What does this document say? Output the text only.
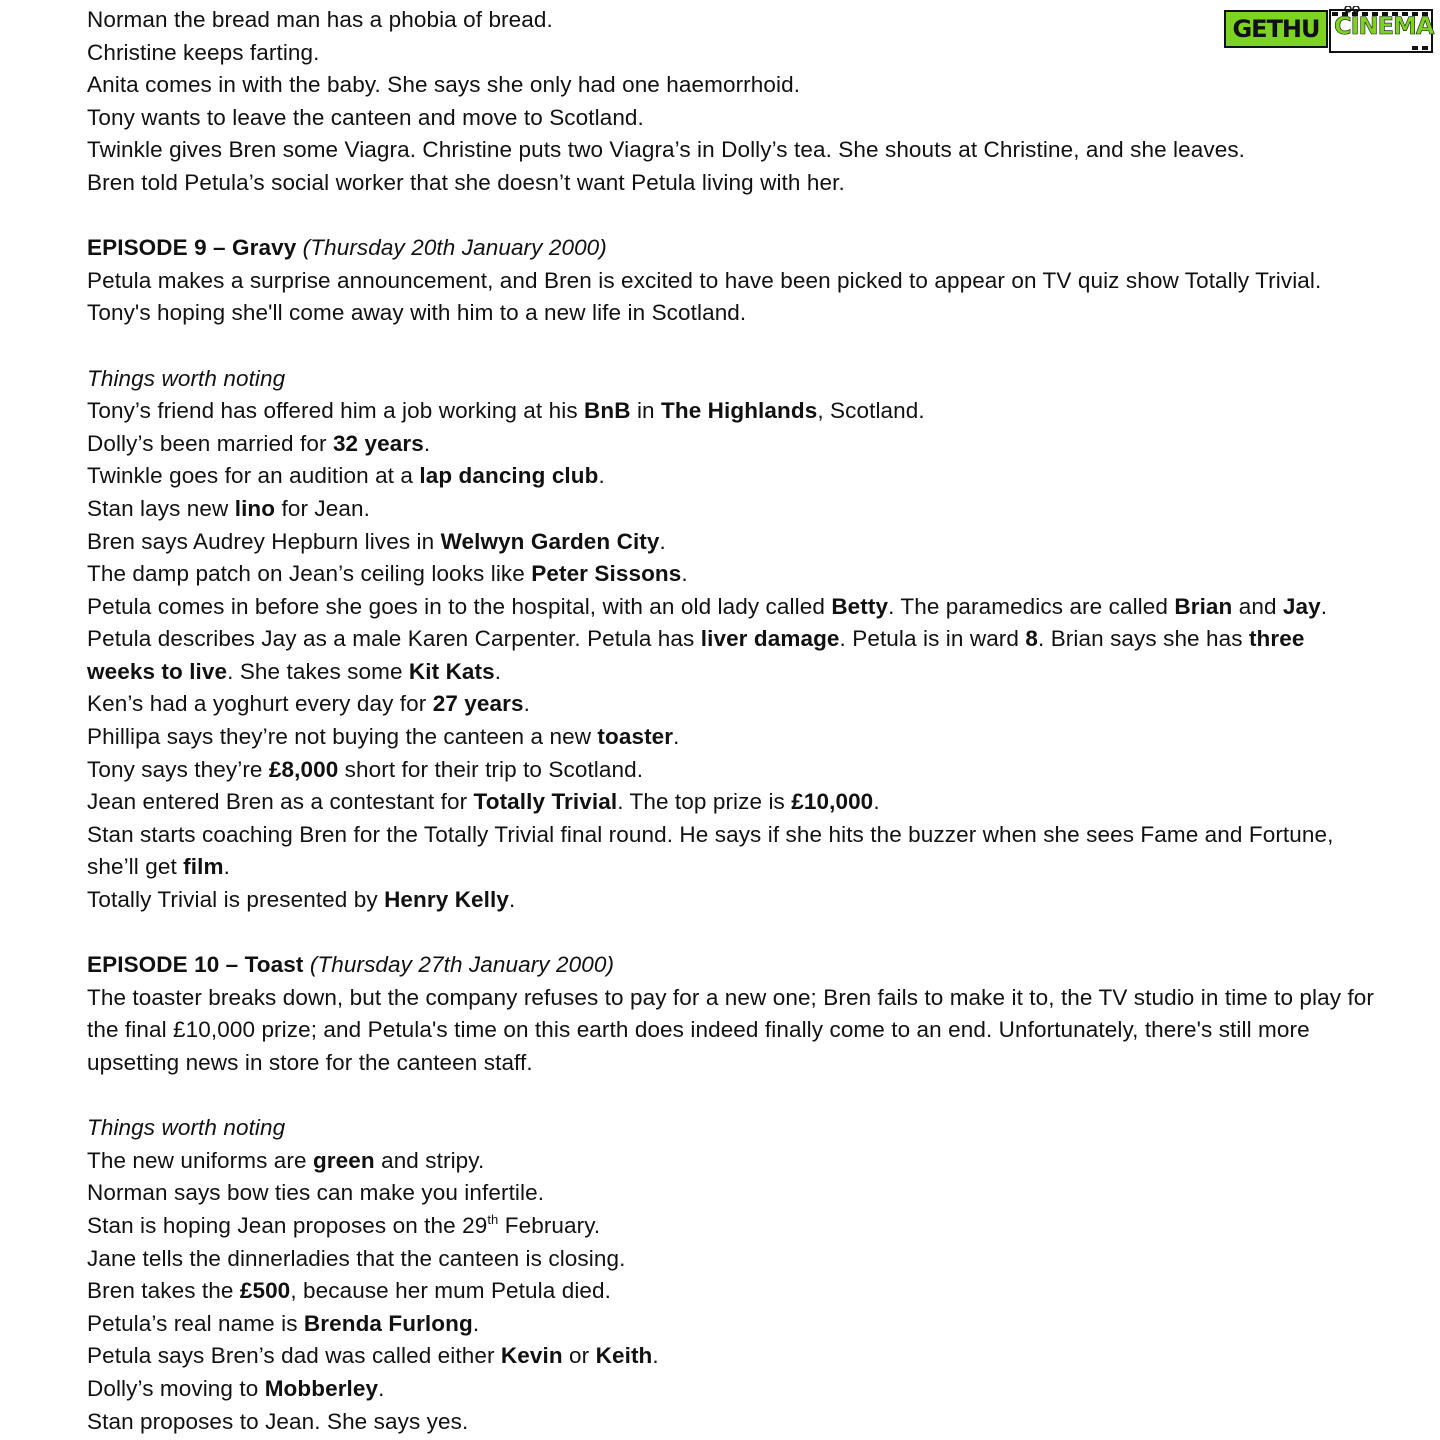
GETHU CINEMA
Norman the bread man has a phobia of bread.
Christine keeps farting.
Anita comes in with the baby. She says she only had one haemorrhoid.
Tony wants to leave the canteen and move to Scotland.
Twinkle gives Bren some Viagra. Christine puts two Viagra’s in Dolly’s tea. She shouts at Christine, and she leaves.
Bren told Petula’s social worker that she doesn’t want Petula living with her.
EPISODE 9 – Gravy (Thursday 20th January 2000)
Petula makes a surprise announcement, and Bren is excited to have been picked to appear on TV quiz show Totally Trivial. Tony's hoping she'll come away with him to a new life in Scotland.
Things worth noting
Tony’s friend has offered him a job working at his BnB in The Highlands, Scotland.
Dolly’s been married for 32 years.
Twinkle goes for an audition at a lap dancing club.
Stan lays new lino for Jean.
Bren says Audrey Hepburn lives in Welwyn Garden City.
The damp patch on Jean’s ceiling looks like Peter Sissons.
Petula comes in before she goes in to the hospital, with an old lady called Betty. The paramedics are called Brian and Jay. Petula describes Jay as a male Karen Carpenter. Petula has liver damage. Petula is in ward 8. Brian says she has three weeks to live. She takes some Kit Kats.
Ken’s had a yoghurt every day for 27 years.
Phillipa says they’re not buying the canteen a new toaster.
Tony says they’re £8,000 short for their trip to Scotland.
Jean entered Bren as a contestant for Totally Trivial. The top prize is £10,000.
Stan starts coaching Bren for the Totally Trivial final round. He says if she hits the buzzer when she sees Fame and Fortune, she’ll get film.
Totally Trivial is presented by Henry Kelly.
EPISODE 10 – Toast (Thursday 27th January 2000)
The toaster breaks down, but the company refuses to pay for a new one; Bren fails to make it to, the TV studio in time to play for the final £10,000 prize; and Petula's time on this earth does indeed finally come to an end. Unfortunately, there's still more upsetting news in store for the canteen staff.
Things worth noting
The new uniforms are green and stripy.
Norman says bow ties can make you infertile.
Stan is hoping Jean proposes on the 29th February.
Jane tells the dinnerladies that the canteen is closing.
Bren takes the £500, because her mum Petula died.
Petula’s real name is Brenda Furlong.
Petula says Bren’s dad was called either Kevin or Keith.
Dolly’s moving to Mobberley.
Stan proposes to Jean. She says yes.
